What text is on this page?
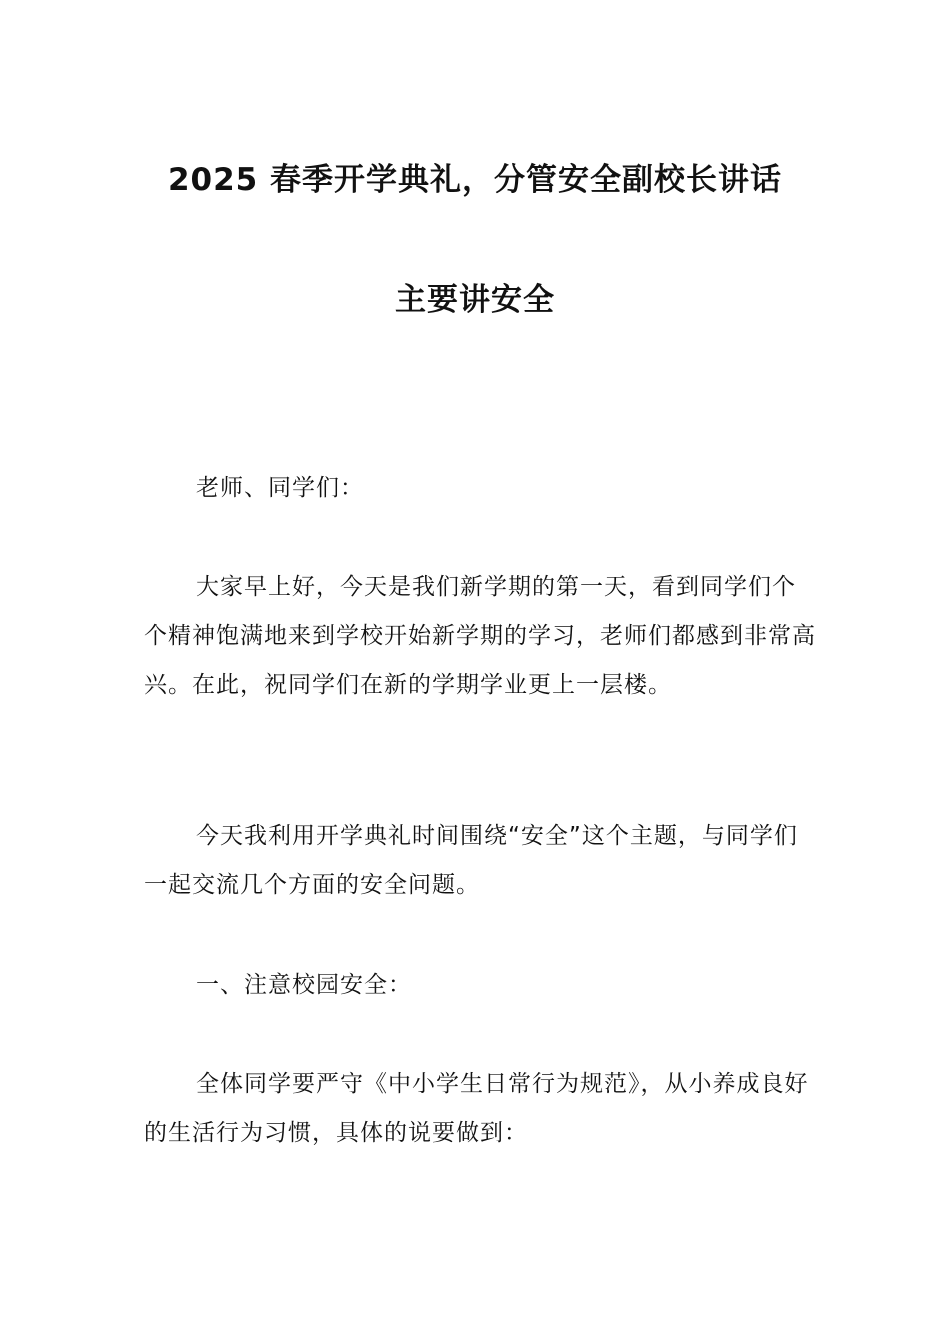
2025 春季开学典礼，分管安全副校长讲话
主要讲安全

老师、同学们：

大家早上好，今天是我们新学期的第一天，看到同学们个个精神饱满地来到学校开始新学期的学习，老师们都感到非常高兴。在此，祝同学们在新的学期学业更上一层楼。

今天我利用开学典礼时间围绕“安全”这个主题，与同学们一起交流几个方面的安全问题。

一、注意校园安全：

全体同学要严守《中小学生日常行为规范》，从小养成良好的生活行为习惯，具体的说要做到：
